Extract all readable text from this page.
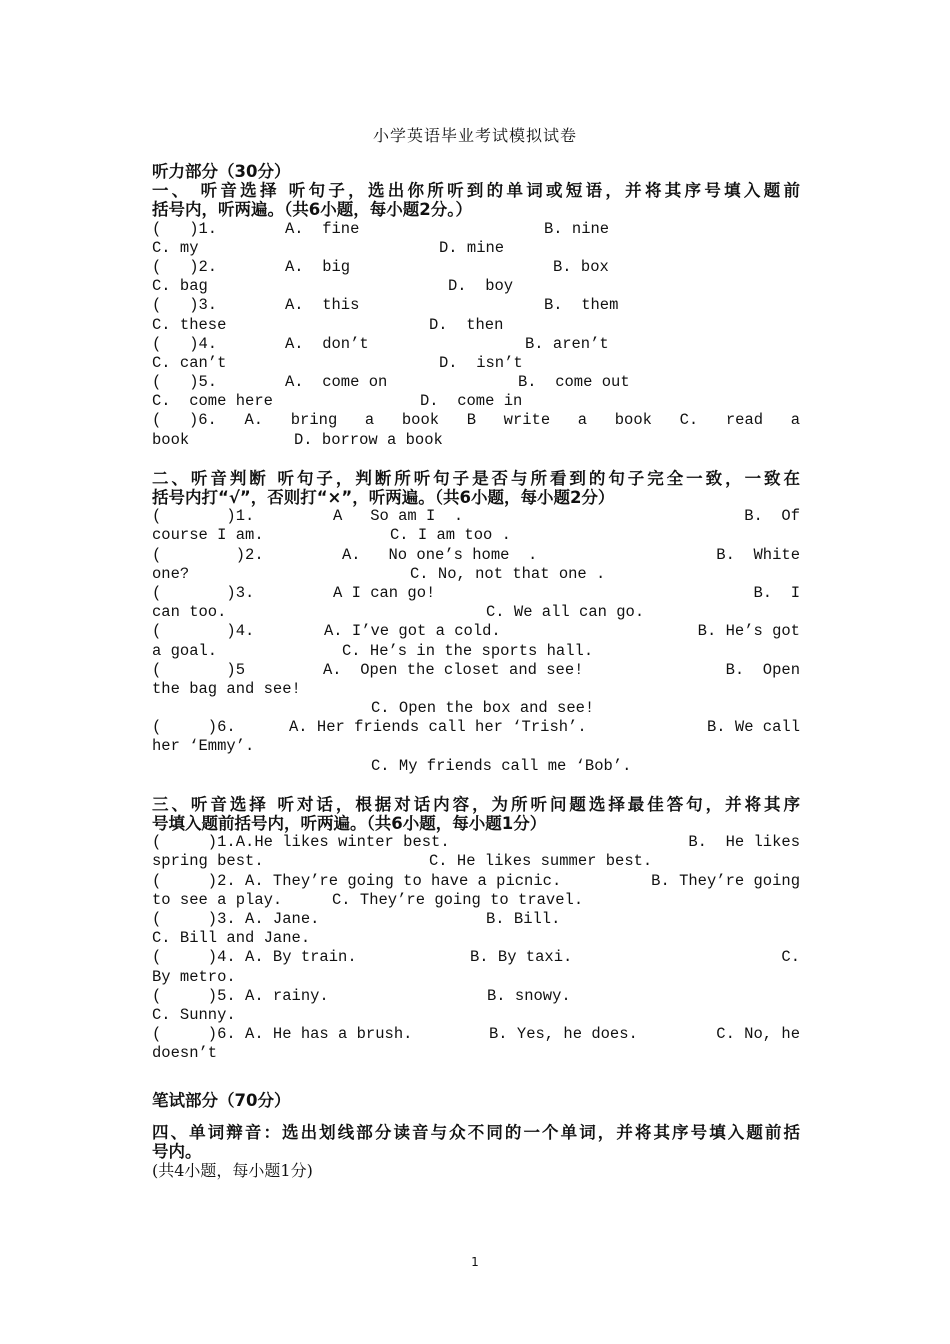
小学英语毕业考试模拟试卷
听力部分（30分）
一、 听音选择 听句子，选出你所听到的单词或短语，并将其序号填入题前
括号内，听两遍。（共6小题，每小题2分。）

(   )1.

	A.  fine

	B. nine

C. my

	D. mine

(   )2.

	A.  big

	B. box

C. bag

	D.  boy

(   )3.

	A.  this

	B.  them

C. these

	D.  then

(   )4.

	A.  don’t

	B. aren’t

C. can’t

	D.  isn’t

(   )5.

	A.  come on

	B.  come out

C.  come here

	D.  come in

( )6. A. bring a book B write a book C. read a

book

	D. borrow a book

二、听音判断 听句子，判断所听句子是否与所看到的句子完全一致，一致在
括号内打“√”，否则打“×”，听两遍。（共6小题，每小题2分）

(       )1.

	A   So am I  .

	B.  Of

course I am.

	C. I am too .

(        )2.

	A.   No one’s home  .

	B.  White

one?

	C. No, not that one .

(       )3.

	A I can go!

	B.  I

can too.

	C. We all can go.

(       )4.

	A. I’ve got a cold.

	B. He’s got

a goal.

	C. He’s in the sports hall.

(       )5

	A.  Open the closet and see!

	B.  Open

the bag and see!

C. Open the box and see!

(     )6.

	A. Her friends call her ‘Trish’.

	B. We call

her ‘Emmy’.

C. My friends call me ‘Bob’.

三、听音选择 听对话，根据对话内容，为所听问题选择最佳答句，并将其序
号填入题前括号内，听两遍。（共6小题，每小题1分）

(     )1.A.He likes winter best.

	B.  He likes

spring best.

	C. He likes summer best.

(     )2. A. They’re going to have a picnic.

	B. They’re going

to see a play.

	C. They’re going to travel.

(     )3. A. Jane.

	B. Bill.

C. Bill and Jane.

(     )4. A. By train.

	B. By taxi.

	C.

By metro.

(     )5. A. rainy.

	B. snowy.

C. Sunny.

(     )6. A. He has a brush.

	B. Yes, he does.

	C. No, he

doesn’t

笔试部分（70分）
四、单词辩音：选出划线部分读音与众不同的一个单词，并将其序号填入题前括
号内。
(共4小题，每小题1分)
1
